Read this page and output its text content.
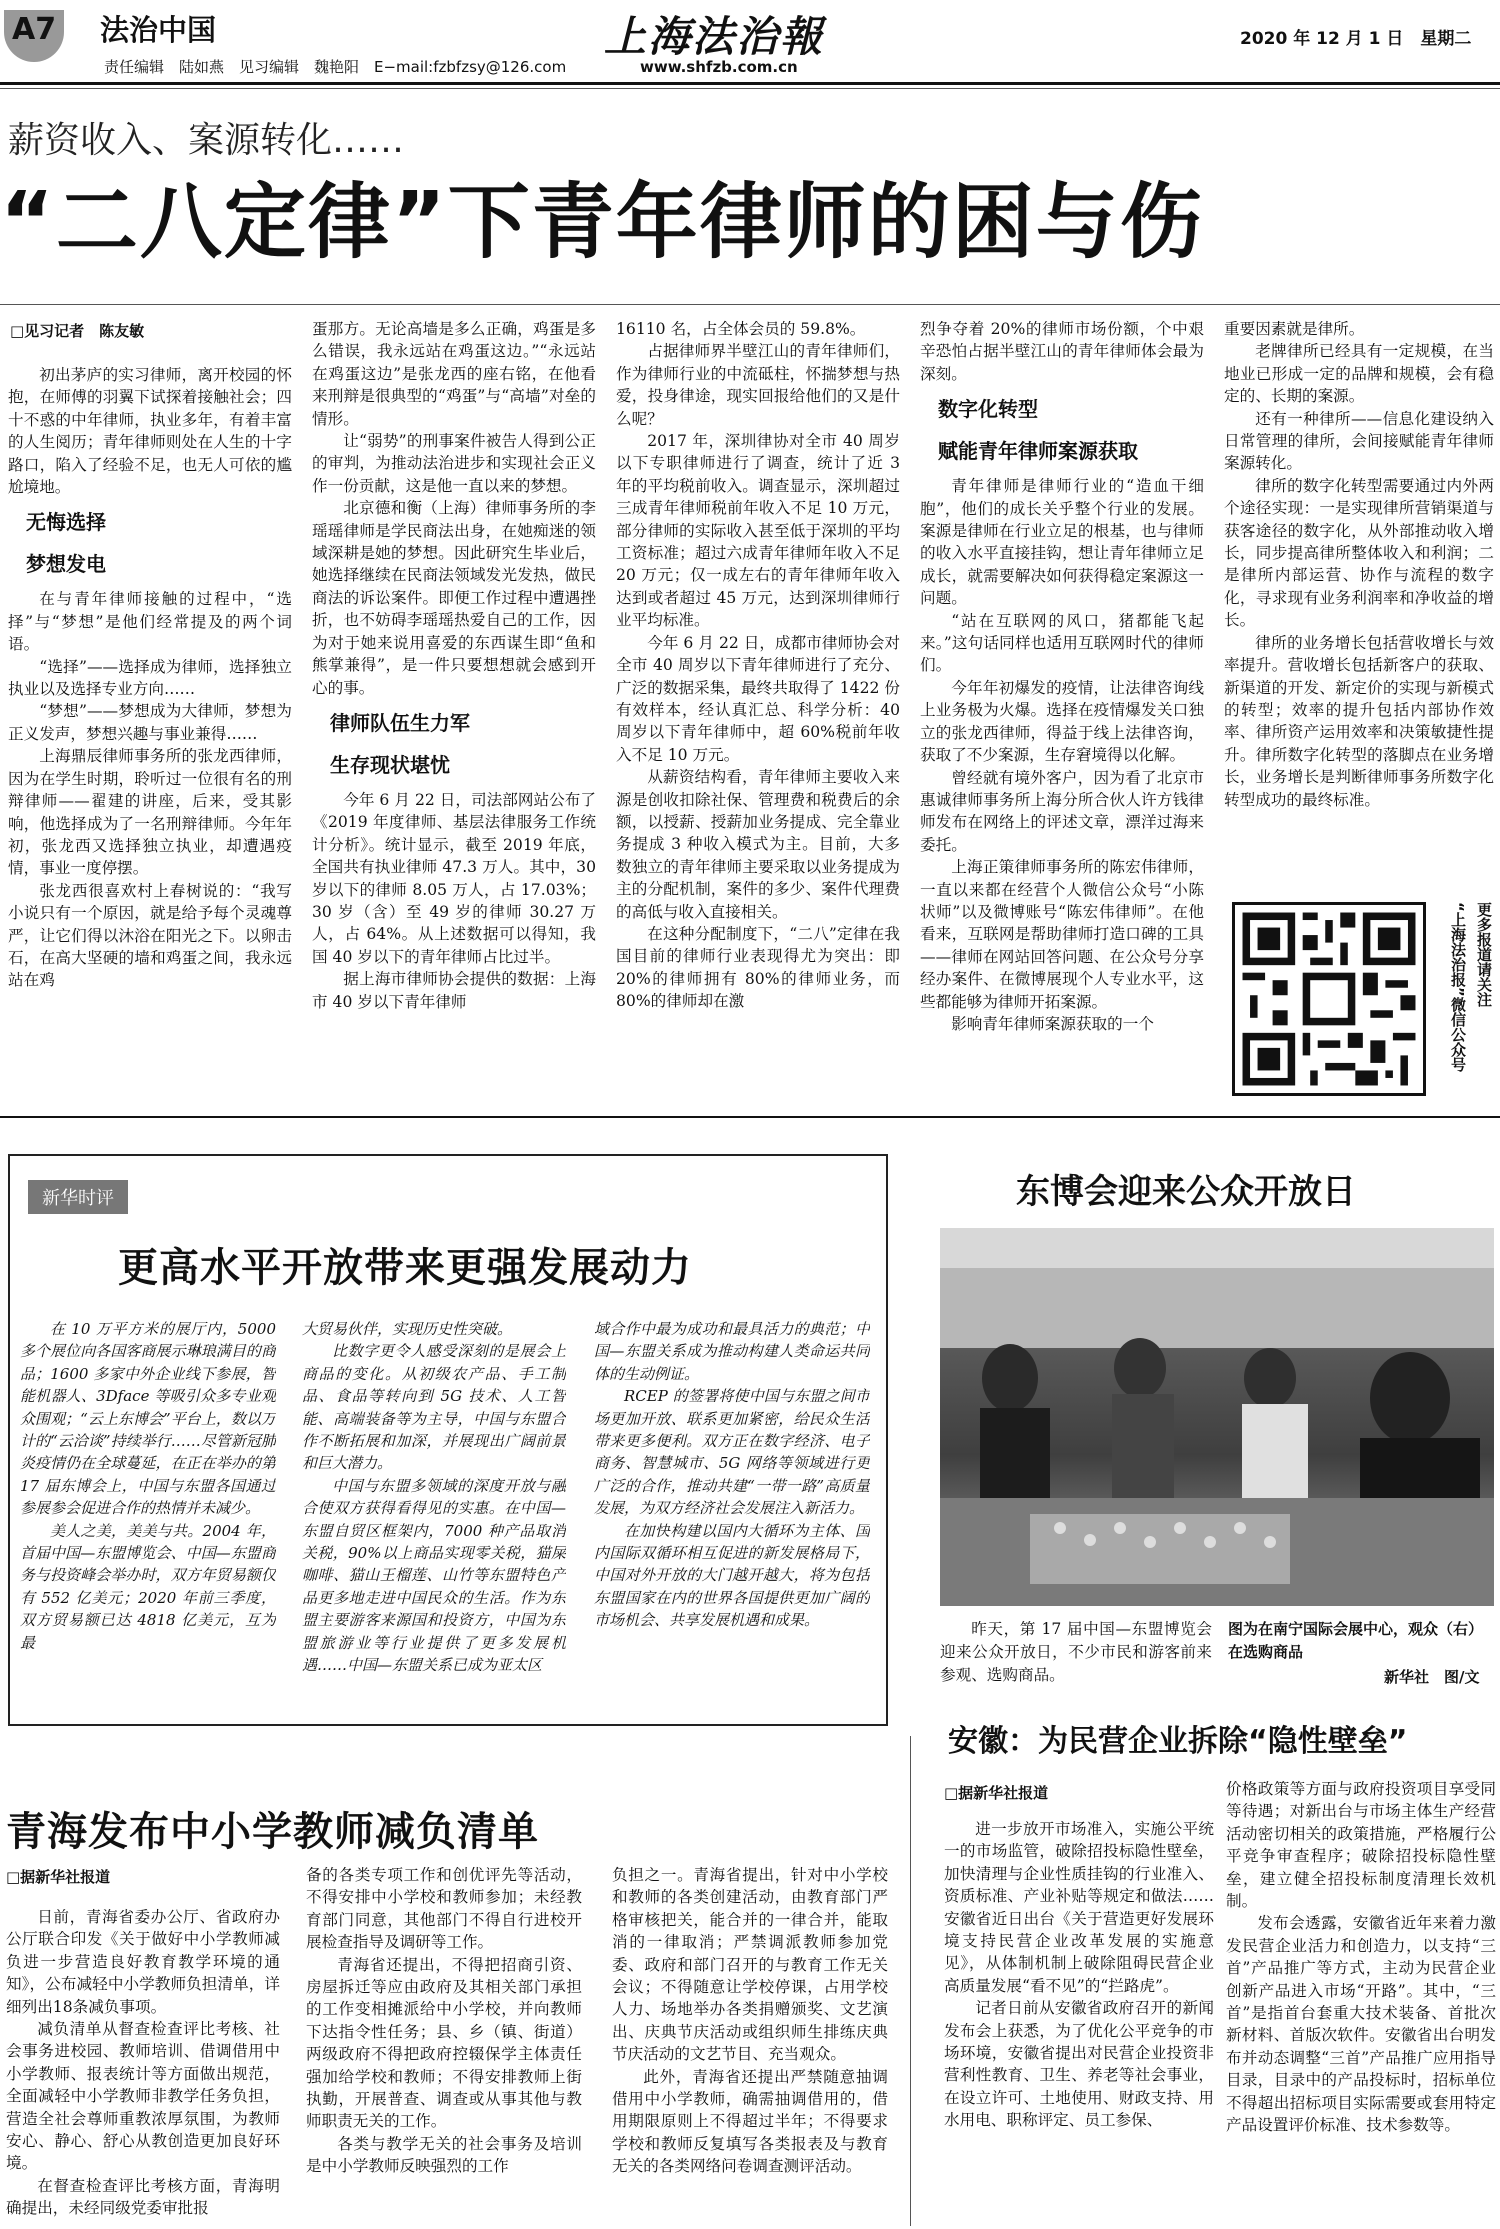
A7 法治中国
责任编辑　陆如燕　见习编辑　魏艳阳　E−mail:fzbfzsy@126.com
上海法治報
www.shfzb.com.cn
2020 年 12 月 1 日　星期二
薪资收入、案源转化……
“二八定律”下青年律师的困与伤
□见习记者　陈友敏

初出茅庐的实习律师，离开校园的怀抱，在师傅的羽翼下试探着接触社会；四十不惑的中年律师，执业多年，有着丰富的人生阅历；青年律师则处在人生的十字路口，陷入了经验不足，也无人可依的尴尬境地。

无悔选择

梦想发电

在与青年律师接触的过程中，“选择”与“梦想”是他们经常提及的两个词语。

“选择”——选择成为律师，选择独立执业以及选择专业方向……

“梦想”——梦想成为大律师，梦想为正义发声，梦想兴趣与事业兼得……

上海鼎辰律师事务所的张龙西律师，因为在学生时期，聆听过一位很有名的刑辩律师——翟建的讲座，后来，受其影响，他选择成为了一名刑辩律师。今年年初，张龙西又选择独立执业，却遭遇疫情，事业一度停摆。

张龙西很喜欢村上春树说的：“我写小说只有一个原因，就是给予每个灵魂尊严，让它们得以沐浴在阳光之下。以卵击石，在高大坚硬的墙和鸡蛋之间，我永远站在鸡

蛋那方。无论高墙是多么正确，鸡蛋是多么错误，我永远站在鸡蛋这边。”“永远站在鸡蛋这边”是张龙西的座右铭，在他看来刑辩是很典型的“鸡蛋”与“高墙”对垒的情形。

让“弱势”的刑事案件被告人得到公正的审判，为推动法治进步和实现社会正义作一份贡献，这是他一直以来的梦想。

北京德和衡（上海）律师事务所的李瑶瑶律师是学民商法出身，在她痴迷的领域深耕是她的梦想。因此研究生毕业后，她选择继续在民商法领域发光发热，做民商法的诉讼案件。即便工作过程中遭遇挫折，也不妨碍李瑶瑶热爱自己的工作，因为对于她来说用喜爱的东西谋生即“鱼和熊掌兼得”，是一件只要想想就会感到开心的事。

律师队伍生力军

生存现状堪忧

今年 6 月 22 日，司法部网站公布了《2019 年度律师、基层法律服务工作统计分析》。统计显示，截至 2019 年底，全国共有执业律师 47.3 万人。其中，30 岁以下的律师 8.05 万人，占 17.03%；30 岁（含）至 49 岁的律师 30.27 万人，占 64%。从上述数据可以得知，我国 40 岁以下的青年律师占比过半。

据上海市律师协会提供的数据：上海市 40 岁以下青年律师

16110 名，占全体会员的 59.8%。

占据律师界半壁江山的青年律师们，作为律师行业的中流砥柱，怀揣梦想与热爱，投身律途，现实回报给他们的又是什么呢？

2017 年，深圳律协对全市 40 周岁以下专职律师进行了调查，统计了近 3 年的平均税前收入。调查显示，深圳超过三成青年律师税前年收入不足 10 万元，部分律师的实际收入甚至低于深圳的平均工资标准；超过六成青年律师年收入不足 20 万元；仅一成左右的青年律师年收入达到或者超过 45 万元，达到深圳律师行业平均标准。

今年 6 月 22 日，成都市律师协会对全市 40 周岁以下青年律师进行了充分、广泛的数据采集，最终共取得了 1422 份有效样本，经认真汇总、科学分析：40 周岁以下青年律师中，超 60%税前年收入不足 10 万元。

从薪资结构看，青年律师主要收入来源是创收扣除社保、管理费和税费后的余额，以授薪、授薪加业务提成、完全靠业务提成 3 种收入模式为主。目前，大多数独立的青年律师主要采取以业务提成为主的分配机制，案件的多少、案件代理费的高低与收入直接相关。

在这种分配制度下，“二八”定律在我国目前的律师行业表现得尤为突出：即 20%的律师拥有 80%的律师业务，而 80%的律师却在激

烈争夺着 20%的律师市场份额，个中艰辛恐怕占据半壁江山的青年律师体会最为深刻。

数字化转型

赋能青年律师案源获取

青年律师是律师行业的“造血干细胞”，他们的成长关乎整个行业的发展。案源是律师在行业立足的根基，也与律师的收入水平直接挂钩，想让青年律师立足成长，就需要解决如何获得稳定案源这一问题。

“站在互联网的风口，猪都能飞起来。”这句话同样也适用互联网时代的律师们。

今年年初爆发的疫情，让法律咨询线上业务极为火爆。选择在疫情爆发关口独立的张龙西律师，得益于线上法律咨询，获取了不少案源，生存窘境得以化解。

曾经就有境外客户，因为看了北京市惠诚律师事务所上海分所合伙人许方钱律师发布在网络上的评述文章，漂洋过海来委托。

上海正策律师事务所的陈宏伟律师，一直以来都在经营个人微信公众号“小陈状师”以及微博账号“陈宏伟律师”。在他看来，互联网是帮助律师打造口碑的工具——律师在网站回答问题、在公众号分享经办案件、在微博展现个人专业水平，这些都能够为律师开拓案源。

影响青年律师案源获取的一个

重要因素就是律所。

老牌律所已经具有一定规模，在当地业已形成一定的品牌和规模，会有稳定的、长期的案源。

还有一种律所——信息化建设纳入日常管理的律所，会间接赋能青年律师案源转化。

律所的数字化转型需要通过内外两个途径实现：一是实现律所营销渠道与获客途径的数字化，从外部推动收入增长，同步提高律所整体收入和利润；二是律所内部运营、协作与流程的数字化，寻求现有业务利润率和净收益的增长。

律所的业务增长包括营收增长与效率提升。营收增长包括新客户的获取、新渠道的开发、新定价的实现与新模式的转型；效率的提升包括内部协作效率、律所资产运用效率和决策敏捷性提升。律所数字化转型的落脚点在业务增长，业务增长是判断律师事务所数字化转型成功的最终标准。

更多报道请关注
“上海法治报”微信公众号
新华时评
更高水平开放带来更强发展动力

在 10 万平方米的展厅内，5000 多个展位向各国客商展示琳琅满目的商品；1600 多家中外企业线下参展，智能机器人、3Dface 等吸引众多专业观众围观；“云上东博会”平台上，数以万计的“云洽谈”持续举行……尽管新冠肺炎疫情仍在全球蔓延，在正在举办的第 17 届东博会上，中国与东盟各国通过参展参会促进合作的热情并未减少。

美人之美，美美与共。2004 年，首届中国—东盟博览会、中国—东盟商务与投资峰会举办时，双方年贸易额仅有 552 亿美元；2020 年前三季度，双方贸易额已达 4818 亿美元，互为最

大贸易伙伴，实现历史性突破。

比数字更令人感受深刻的是展会上商品的变化。从初级农产品、手工制品、食品等转向到 5G 技术、人工智能、高端装备等为主导，中国与东盟合作不断拓展和加深，并展现出广阔前景和巨大潜力。

中国与东盟多领域的深度开放与融合使双方获得看得见的实惠。在中国—东盟自贸区框架内，7000 种产品取消关税，90%以上商品实现零关税，猫屎咖啡、猫山王榴莲、山竹等东盟特色产品更多地走进中国民众的生活。作为东盟主要游客来源国和投资方，中国为东盟旅游业等行业提供了更多发展机遇……中国—东盟关系已成为亚太区

域合作中最为成功和最具活力的典范；中国—东盟关系成为推动构建人类命运共同体的生动例证。

RCEP 的签署将使中国与东盟之间市场更加开放、联系更加紧密，给民众生活带来更多便利。双方正在数字经济、电子商务、智慧城市、5G 网络等领域进行更广泛的合作，推动共建“一带一路”高质量发展，为双方经济社会发展注入新活力。

在加快构建以国内大循环为主体、国内国际双循环相互促进的新发展格局下，中国对外开放的大门越开越大，将为包括东盟国家在内的世界各国提供更加广阔的市场机会、共享发展机遇和成果。

东博会迎来公众开放日
昨天，第 17 届中国—东盟博览会迎来公众开放日，不少市民和游客前来参观、选购商品。
图为在南宁国际会展中心，观众（右）在选购商品
新华社　图/文
青海发布中小学教师减负清单
□据新华社报道

日前，青海省委办公厅、省政府办公厅联合印发《关于做好中小学教师减负进一步营造良好教育教学环境的通知》，公布减轻中小学教师负担清单，详细列出18条减负事项。

减负清单从督查检查评比考核、社会事务进校园、教师培训、借调借用中小学教师、报表统计等方面做出规范，全面减轻中小学教师非教学任务负担，营造全社会尊师重教浓厚氛围，为教师安心、静心、舒心从教创造更加良好环境。

在督查检查评比考核方面，青海明确提出，未经同级党委审批报

备的各类专项工作和创优评先等活动，不得安排中小学校和教师参加；未经教育部门同意，其他部门不得自行进校开展检查指导及调研等工作。

青海省还提出，不得把招商引资、房屋拆迁等应由政府及其相关部门承担的工作变相摊派给中小学校，并向教师下达指令性任务；县、乡（镇、街道）两级政府不得把政府控辍保学主体责任强加给学校和教师；不得安排教师上街执勤，开展普查、调查或从事其他与教师职责无关的工作。

各类与教学无关的社会事务及培训是中小学教师反映强烈的工作

负担之一。青海省提出，针对中小学校和教师的各类创建活动，由教育部门严格审核把关，能合并的一律合并，能取消的一律取消；严禁调派教师参加党委、政府和部门召开的与教育工作无关会议；不得随意让学校停课，占用学校人力、场地举办各类捐赠颁奖、文艺演出、庆典节庆活动或组织师生排练庆典节庆活动的文艺节目、充当观众。

此外，青海省还提出严禁随意抽调借用中小学教师，确需抽调借用的，借用期限原则上不得超过半年；不得要求学校和教师反复填写各类报表及与教育无关的各类网络问卷调查测评活动。

安徽：为民营企业拆除“隐性壁垒”
□据新华社报道

进一步放开市场准入，实施公平统一的市场监管，破除招投标隐性壁垒，加快清理与企业性质挂钩的行业准入、资质标准、产业补贴等规定和做法……安徽省近日出台《关于营造更好发展环境支持民营企业改革发展的实施意见》，从体制机制上破除阻碍民营企业高质量发展“看不见”的“拦路虎”。

记者日前从安徽省政府召开的新闻发布会上获悉，为了优化公平竞争的市场环境，安徽省提出对民营企业投资非营利性教育、卫生、养老等社会事业，在设立许可、土地使用、财政支持、用水用电、职称评定、员工参保、

价格政策等方面与政府投资项目享受同等待遇；对新出台与市场主体生产经营活动密切相关的政策措施，严格履行公平竞争审查程序；破除招投标隐性壁垒，建立健全招投标制度清理长效机制。

发布会透露，安徽省近年来着力激发民营企业活力和创造力，以支持“三首”产品推广等方式，主动为民营企业创新产品进入市场“开路”。其中，“三首”是指首台套重大技术装备、首批次新材料、首版次软件。安徽省出台明发布并动态调整“三首”产品推广应用指导目录，目录中的产品投标时，招标单位不得超出招标项目实际需要或套用特定产品设置评价标准、技术参数等。
